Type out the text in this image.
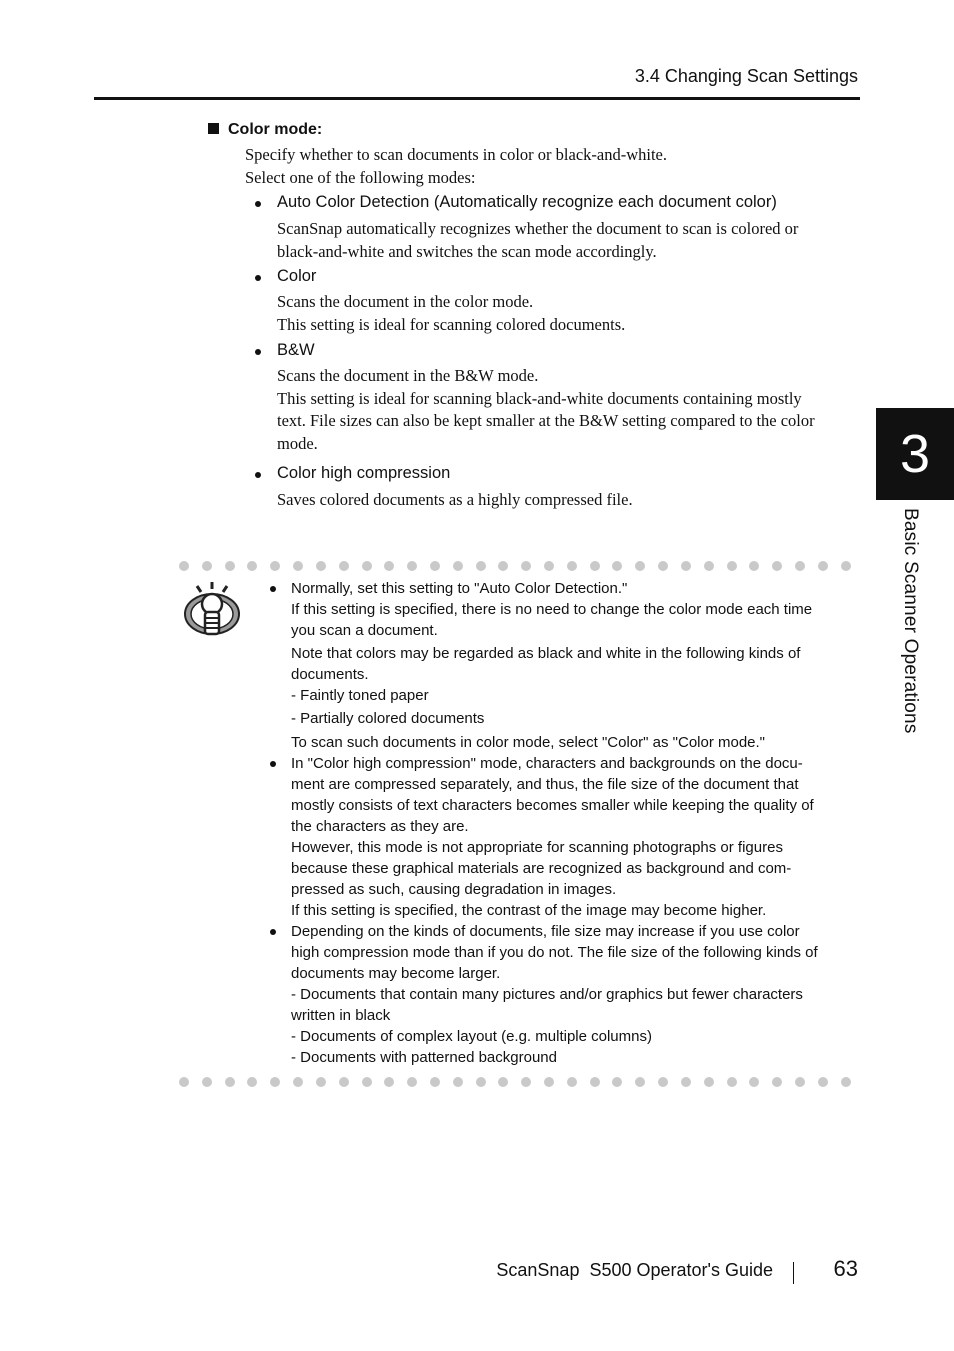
3.4 Changing Scan Settings
Color mode:
Specify whether to scan documents in color or black-and-white.
Select one of the following modes:
Auto Color Detection (Automatically recognize each document color)
ScanSnap automatically recognizes whether the document to scan is colored or
black-and-white and switches the scan mode accordingly.
Color
Scans the document in the color mode.
This setting is ideal for scanning colored documents.
B&W
Scans the document in the B&W mode.
This setting is ideal for scanning black-and-white documents containing mostly
text. File sizes can also be kept smaller at the B&W setting compared to the color
mode.
Color high compression
Saves colored documents as a highly compressed file.
Normally, set this setting to "Auto Color Detection."
If this setting is specified, there is no need to change the color mode each time
you scan a document.
Note that colors may be regarded as black and white in the following kinds of
documents.
- Faintly toned paper
- Partially colored documents
To scan such documents in color mode, select "Color" as "Color mode."
In "Color high compression" mode, characters and backgrounds on the docu-
ment are compressed separately, and thus, the file size of the document that
mostly consists of text characters becomes smaller while keeping the quality of
the characters as they are.
However, this mode is not appropriate for scanning photographs or figures
because these graphical materials are recognized as background and com-
pressed as such, causing degradation in images.
If this setting is specified, the contrast of the image may become higher.
Depending on the kinds of documents, file size may increase if you use color
high compression mode than if you do not. The file size of the following kinds of
documents may become larger.
- Documents that contain many pictures and/or graphics but fewer characters
written in black
- Documents of complex layout (e.g. multiple columns)
- Documents with patterned background
3
Basic Scanner Operations
ScanSnap  S500 Operator's Guide	63
